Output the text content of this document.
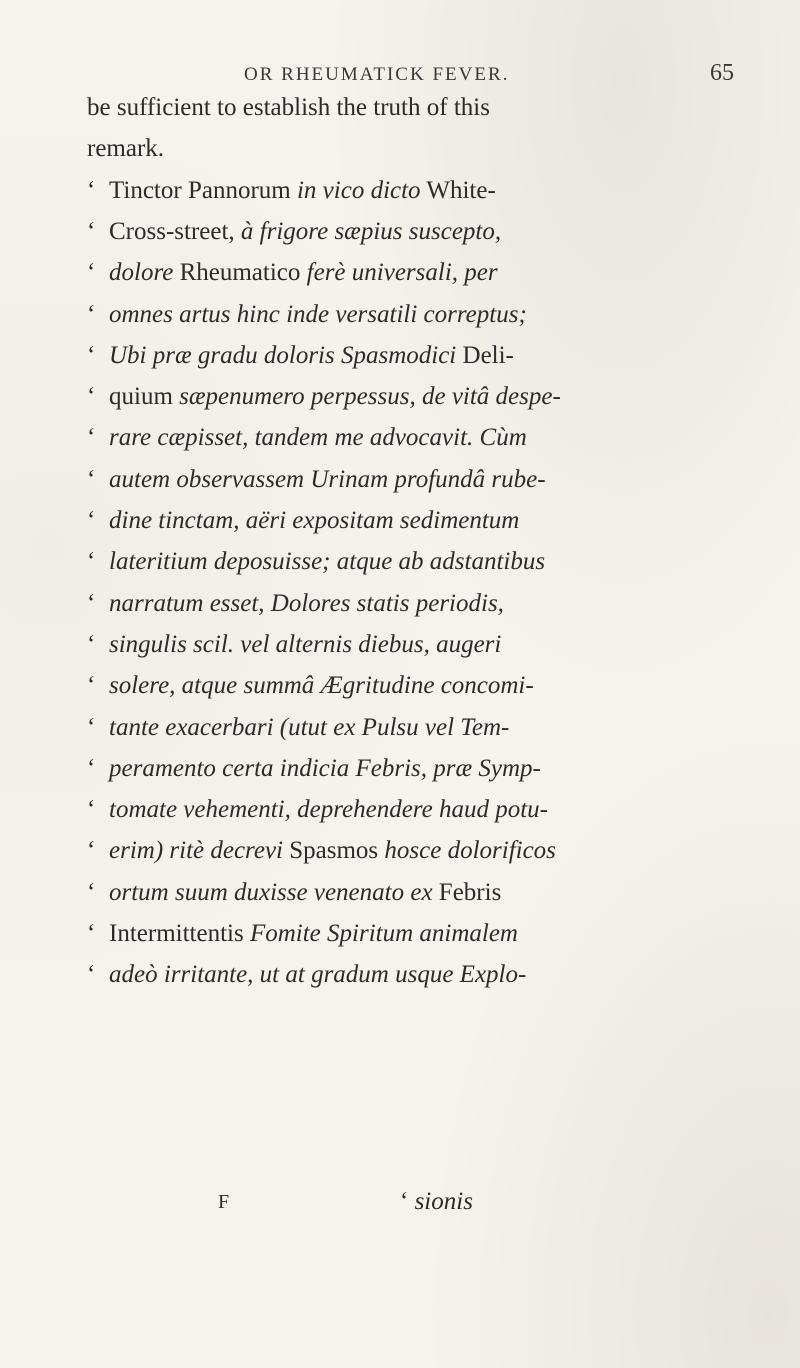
OR RHEUMATICK FEVER.	65
be sufficient to establish the truth of this
remark.
‘ Tinctor Pannorum in vico dicto White-
‘ Cross-street, à frigore sæpius suscepto,
‘ dolore Rheumatico ferè universali, per
‘ omnes artus hinc inde versatili correptus;
‘ Ubi præ gradu doloris Spasmodici Deli-
‘ quium sæpenumero perpessus, de vitâ despe-
‘ rare cæpisset, tandem me advocavit. Cùm
‘ autem observassem Urinam profundâ rube-
‘ dine tinctam, aëri expositam sedimentum
‘ lateritium deposuisse; atque ab adstantibus
‘ narratum esset, Dolores statis periodis,
‘ singulis scil. vel alternis diebus, augeri
‘ solere, atque summâ Ægritudine concomi-
‘ tante exacerbari (utut ex Pulsu vel Tem-
‘ peramento certa indicia Febris, præ Symp-
‘ tomate vehementi, deprehendere haud potu-
‘ erim) ritè decrevi Spasmos hosce dolorificos
‘ ortum suum duxisse venenato ex Febris
‘ Intermittentis Fomite Spiritum animalem
‘ adeò irritante, ut at gradum usque Explo-
F	‘ sionis
